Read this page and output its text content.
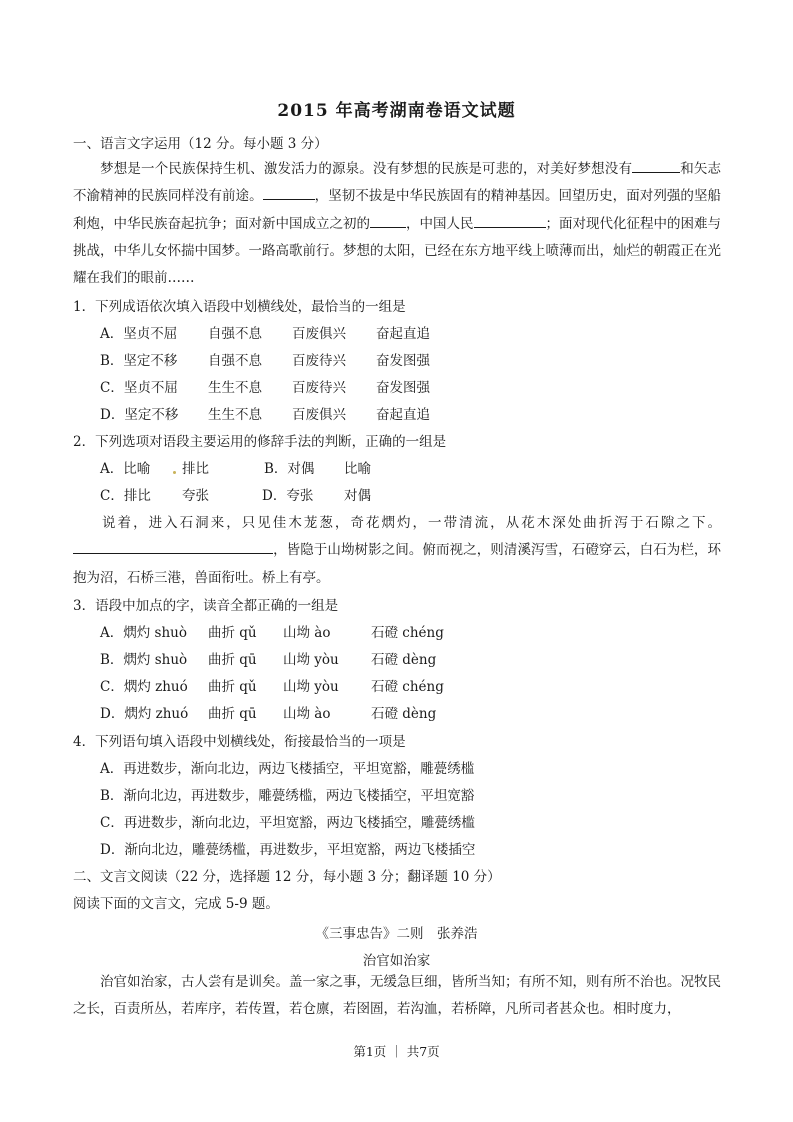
2015 年高考湖南卷语文试题
一、语言文字运用（12 分。每小题 3 分）
梦想是一个民族保持生机、激发活力的源泉。没有梦想的民族是可悲的，对美好梦想没有	和矢志不渝精神的民族同样没有前途。	，坚韧不拔是中华民族固有的精神基因。回望历史，面对列强的坚船利炮，中华民族奋起抗争；面对新中国成立之初的	，中国人民	；面对现代化征程中的困难与挑战，中华儿女怀揣中国梦。一路高歌前行。梦想的太阳，已经在东方地平线上喷薄而出，灿烂的朝霞正在光耀在我们的眼前……
1．下列成语依次填入语段中划横线处，最恰当的一组是
A．坚贞不屈 自强不息 百废俱兴 奋起直追
B．坚定不移 自强不息 百废待兴 奋发图强
C．坚贞不屈 生生不息 百废待兴 奋发图强
D．坚定不移 生生不息 百废俱兴 奋起直追
2．下列选项对语段主要运用的修辞手法的判断，正确的一组是
A．比喻 排比	B．对偶 比喻
C．排比 夸张	D．夸张 对偶
说着，进入石洞来，只见佳木茏葱，奇花熌灼，一带清流，从花木深处曲折泻于石隙之下。，皆隐于山坳树影之间。俯而视之，则清溪泻雪，石磴穿云，白石为栏，环抱为沼，石桥三港，兽面衔吐。桥上有亭。
3．语段中加点的字，读音全都正确的一组是
A．熌灼 shuò 曲折 qǔ 山坳 ào	石磴 chéng
B．熌灼 shuò 曲折 qū 山坳 yòu 石磴 dèng
C．熌灼 zhuó 曲折 qǔ 山坳 yòu 石磴 chéng
D．熌灼 zhuó 曲折 qū 山坳 ào	石磴 dèng
4．下列语句填入语段中划横线处，衔接最恰当的一项是
A．再进数步，渐向北边，两边飞楼插空，平坦宽豁，雕甍绣槛
B．渐向北边，再进数步，雕甍绣槛，两边飞楼插空，平坦宽豁
C．再进数步，渐向北边，平坦宽豁，两边飞楼插空，雕甍绣槛
D．渐向北边，雕甍绣槛，再进数步，平坦宽豁，两边飞楼插空
二、文言文阅读（22 分，选择题 12 分，每小题 3 分；翻译题 10 分）
阅读下面的文言文，完成 5-9 题。
《三事忠告》二则　张养浩
治官如治家
治官如治家，古人尝有是训矣。盖一家之事，无缓急巨细，皆所当知；有所不知，则有所不治也。况牧民之长，百责所丛，若库序，若传置，若仓廪，若囹圄，若沟洫，若桥障，凡所司者甚众也。相时度力，
第1页 ｜ 共7页
